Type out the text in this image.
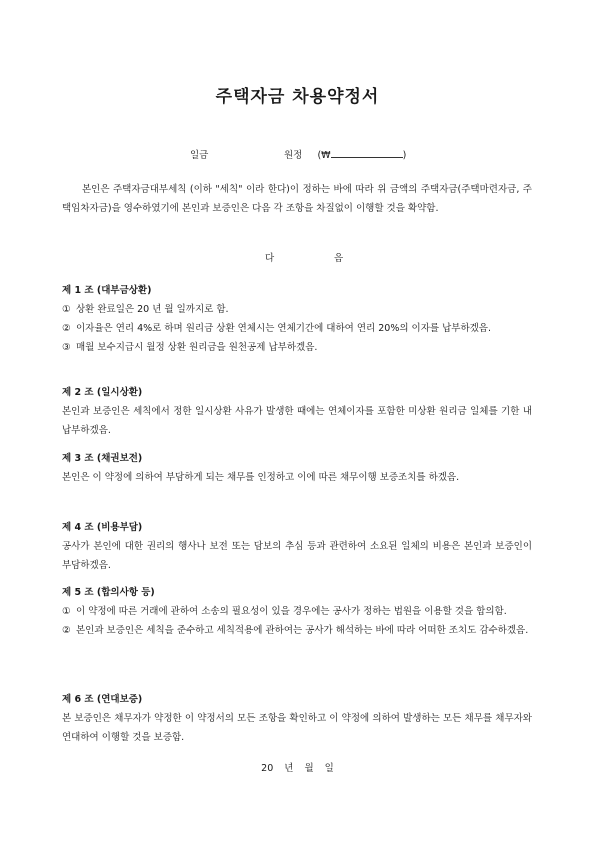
주택자금 차용약정서
일금	원정 (₩	)
본인은 주택자금대부세칙 (이하 "세칙" 이라 한다)이 정하는 바에 따라 위 금액의 주택자금(주택마련자금, 주택임차자금)을 영수하였기에 본인과 보증인은 다음 각 조항을 차질없이 이행할 것을 확약함.
다	음
제 1 조 (대부금상환)
① 상환 완료일은 20 년 월 일까지로 함.
② 이자율은 연리 4%로 하며 원리금 상환 연체시는 연체기간에 대하여 연리 20%의 이자를 납부하겠음.
③ 매월 보수지급시 월정 상환 원리금을 원천공제 납부하겠음.
제 2 조 (일시상환)
본인과 보증인은 세칙에서 정한 일시상환 사유가 발생한 때에는 연체이자를 포함한 미상환 원리금 일체를 기한 내 납부하겠음.
제 3 조 (채권보전)
본인은 이 약정에 의하여 부담하게 되는 채무를 인정하고 이에 따른 채무이행 보증조치를 하겠음.
제 4 조 (비용부담)
공사가 본인에 대한 권리의 행사나 보전 또는 담보의 추심 등과 관련하여 소요된 일체의 비용은 본인과 보증인이 부담하겠음.
제 5 조 (합의사항 등)
① 이 약정에 따른 거래에 관하여 소송의 필요성이 있을 경우에는 공사가 정하는 법원을 이용할 것을 합의함.
② 본인과 보증인은 세칙을 준수하고 세칙적용에 관하여는 공사가 해석하는 바에 따라 어떠한 조치도 감수하겠음.
제 6 조 (연대보증)
본 보증인은 채무자가 약정한 이 약정서의 모든 조항을 확인하고 이 약정에 의하여 발생하는 모든 채무를 채무자와 연대하여 이행할 것을 보증함.
20 년 월 일
